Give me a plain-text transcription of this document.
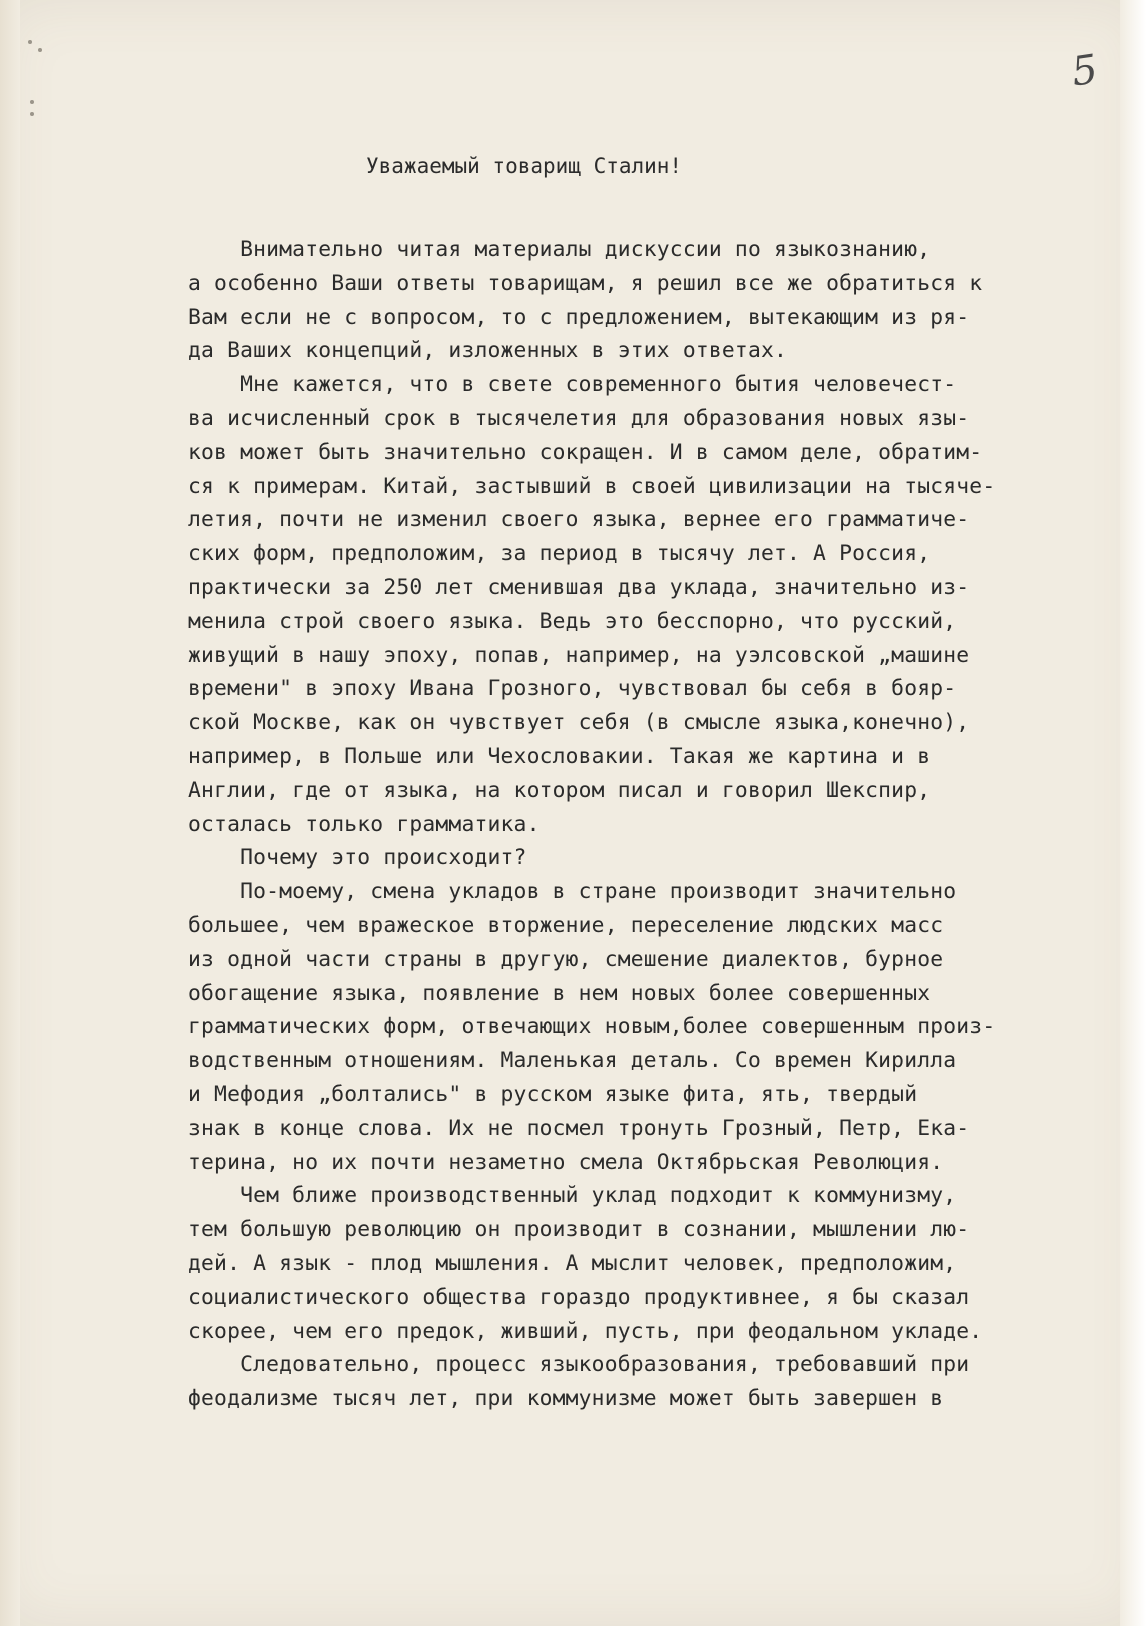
5
Уважаемый товарищ Сталин!
Внимательно читая материалы дискуссии по языкознанию,
а особенно Ваши ответы товарищам, я решил все же обратиться к
Вам если не с вопросом, то с предложением, вытекающим из ря-
да Ваших концепций, изложенных в этих ответах.
Мне кажется, что в свете современного бытия человечест-
ва исчисленный срок в тысячелетия для образования новых язы-
ков может быть значительно сокращен. И в самом деле, обратим-
ся к примерам. Китай, застывший в своей цивилизации на тысяче-
летия, почти не изменил своего языка, вернее его грамматиче-
ских форм, предположим, за период в тысячу лет. А Россия,
практически за 250 лет сменившая два уклада, значительно из-
менила строй своего языка. Ведь это бесспорно, что русский,
живущий в нашу эпоху, попав, например, на уэлсовской „машине
времени" в эпоху Ивана Грозного, чувствовал бы себя в бояр-
ской Москве, как он чувствует себя (в смысле языка,конечно),
например, в Польше или Чехословакии. Такая же картина и в
Англии, где от языка, на котором писал и говорил Шекспир,
осталась только грамматика.
Почему это происходит?
По-моему, смена укладов в стране производит значительно
большее, чем вражеское вторжение, переселение людских масс
из одной части страны в другую, смешение диалектов, бурное
обогащение языка, появление в нем новых более совершенных
грамматических форм, отвечающих новым,более совершенным произ-
водственным отношениям. Маленькая деталь. Со времен Кирилла
и Мефодия „болтались" в русском языке фита, ять, твердый
знак в конце слова. Их не посмел тронуть Грозный, Петр, Ека-
терина, но их почти незаметно смела Октябрьская Революция.
Чем ближе производственный уклад подходит к коммунизму,
тем большую революцию он производит в сознании, мышлении лю-
дей. А язык - плод мышления. А мыслит человек, предположим,
социалистического общества гораздо продуктивнее, я бы сказал
скорее, чем его предок, живший, пусть, при феодальном укладе.
Следовательно, процесс языкообразования, требовавший при
феодализме тысяч лет, при коммунизме может быть завершен в
